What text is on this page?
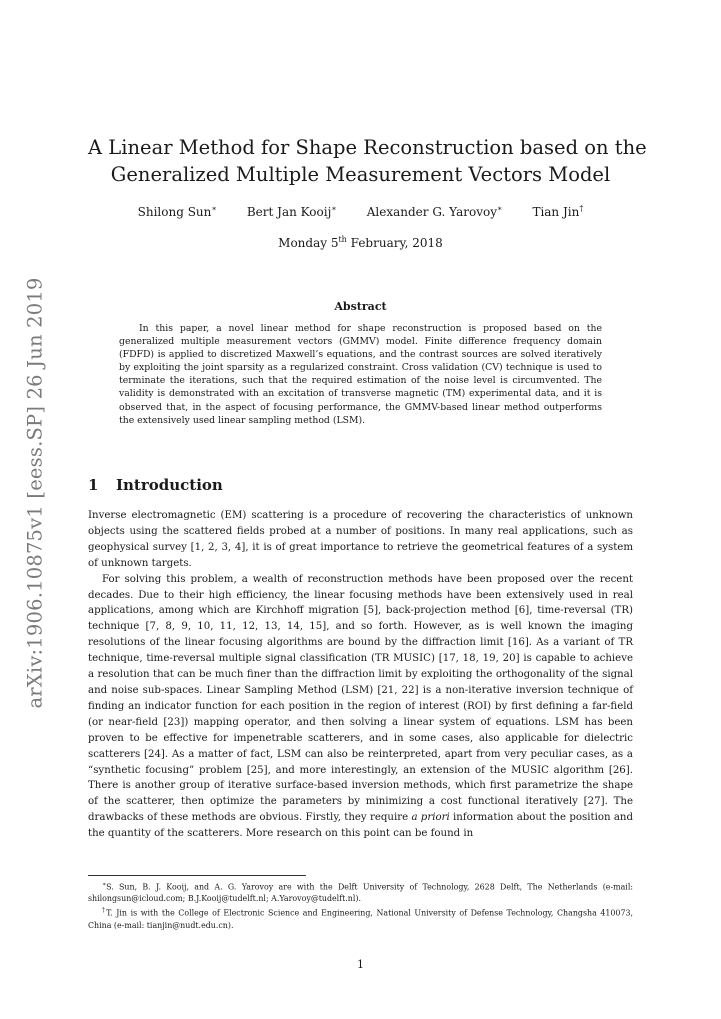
arXiv:1906.10875v1 [eess.SP] 26 Jun 2019
A Linear Method for Shape Reconstruction based on the
Generalized Multiple Measurement Vectors Model
Shilong Sun∗	Bert Jan Kooij∗	Alexander G. Yarovoy∗	Tian Jin†
Monday 5th February, 2018
Abstract
In this paper, a novel linear method for shape reconstruction is proposed based on the generalized multiple measurement vectors (GMMV) model. Finite difference frequency domain (FDFD) is applied to discretized Maxwell’s equations, and the contrast sources are solved iteratively by exploiting the joint sparsity as a regularized constraint. Cross validation (CV) technique is used to terminate the iterations, such that the required estimation of the noise level is circumvented. The validity is demonstrated with an excitation of transverse magnetic (TM) experimental data, and it is observed that, in the aspect of focusing performance, the GMMV-based linear method outperforms the extensively used linear sampling method (LSM).
1 Introduction

Inverse electromagnetic (EM) scattering is a procedure of recovering the characteristics of unknown objects using the scattered fields probed at a number of positions. In many real applications, such as geophysical survey [1, 2, 3, 4], it is of great importance to retrieve the geometrical features of a system of unknown targets.

For solving this problem, a wealth of reconstruction methods have been proposed over the recent decades. Due to their high efficiency, the linear focusing methods have been extensively used in real applications, among which are Kirchhoff migration [5], back-projection method [6], time-reversal (TR) technique [7, 8, 9, 10, 11, 12, 13, 14, 15], and so forth. However, as is well known the imaging resolutions of the linear focusing algorithms are bound by the diffraction limit [16]. As a variant of TR technique, time-reversal multiple signal classification (TR MUSIC) [17, 18, 19, 20] is capable to achieve a resolution that can be much finer than the diffraction limit by exploiting the orthogonality of the signal and noise sub-spaces. Linear Sampling Method (LSM) [21, 22] is a non-iterative inversion technique of finding an indicator function for each position in the region of interest (ROI) by first defining a far-field (or near-field [23]) mapping operator, and then solving a linear system of equations. LSM has been proven to be effective for impenetrable scatterers, and in some cases, also applicable for dielectric scatterers [24]. As a matter of fact, LSM can also be reinterpreted, apart from very peculiar cases, as a “synthetic focusing” problem [25], and more interestingly, an extension of the MUSIC algorithm [26]. There is another group of iterative surface-based inversion methods, which first parametrize the shape of the scatterer, then optimize the parameters by minimizing a cost functional iteratively [27]. The drawbacks of these methods are obvious. Firstly, they require a priori information about the position and the quantity of the scatterers. More research on this point can be found in

∗S. Sun, B. J. Kooij, and A. G. Yarovoy are with the Delft University of Technology, 2628 Delft, The Netherlands (e-mail: shilongsun@icloud.com; B.J.Kooij@tudelft.nl; A.Yarovoy@tudelft.nl).

†T. Jin is with the College of Electronic Science and Engineering, National University of Defense Technology, Changsha 410073, China (e-mail: tianjin@nudt.edu.cn).

1
